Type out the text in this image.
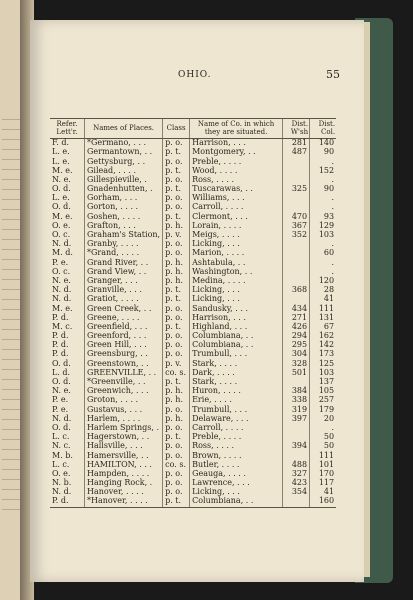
OHIO.	55
Refer. Lett'r.	Names of Places.	Class	Name of Co. in which they are situated.	Dist. W'sh	Dist. Col.
F. d.	*Germano, . . .	p. o.	Harrison, . . .	281	140
L. e.	Germantown, . .	p. t.	Montgomery, . .	487	90
L. e.	Gettysburg, . .	p. o.	Preble, . . . .		.
M. e.	Gilead, . . . .	p. t.	Wood, . . . .		152
N. e.	Gillespieville, .	p. o.	Ross, . . . .		.
O. d.	Gnadenhutten, .	p. t.	Tuscarawas, . .	325	90
L. e.	Gorham, . . .	p. o.	Williams, . . .		.
O. d.	Gorton, . . . .	p. o.	Carroll, . . . .		.
M. e.	Goshen, . . . .	p. t.	Clermont, . . .	470	93
O. e.	Grafton, . . .	p. h.	Lorain, . . . .	367	129
O. c.	Graham's Station,	p. v.	Meigs, . . . .	352	103
N. d.	Granby, . . . .	p. o.	Licking, . . .		.
M. d.	*Grand, . . . .	p. o.	Marion, . . . .		60
P. e.	Grand River, . .	p. h.	Ashtabula, . .		.
O. c.	Grand View, . .	p. h.	Washington, . .		.
N. e.	Granger, . . .	p. h.	Medina, . . . .		120
N. d.	Granville, . . .	p. t.	Licking, . . .	368	28
N. d.	Gratiot, . . . .	p. t.	Licking, . . .		41
M. e.	Green Creek, . .	p. o.	Sandusky, . . .	434	111
P. d.	Greene, . . . .	p. o.	Harrison, . . .	271	131
M. c.	Greenfield, . . .	p. t.	Highland, . . .	426	67
P. d.	Greenford, . . .	p. o.	Columbiana, . .	294	162
P. d.	Green Hill, . . .	p. o.	Columbiana, . .	295	142
P. d.	Greensburg, . .	p. o.	Trumbull, . . .	304	173
O. d.	Greenstown, . .	p. v.	Stark, . . . .	328	125
L. d.	GREENVILLE, . .	co. s.	Dark, . . . .	501	103
O. d.	*Greenville, . .	p. t.	Stark, . . . .		137
N. e.	Greenwich, . . .	p. h.	Huron, . . . .	384	105
P. e.	Groton, . . . .	p. h.	Erie, . . . .	338	257
P. e.	Gustavus, . . .	p. o.	Trumbull, . . .	319	179
N. d.	Harlem, . . . .	p. h.	Delaware, . . .	397	20
O. d.	Harlem Springs, .	p. o.	Carroll, . . . .		.
L. c.	Hagerstown, . .	p. t.	Preble, . . . .		50
N. c.	Hallsville, . . .	p. o.	Ross, . . . .	394	50
M. b.	Hamersville, . .	p. o.	Brown, . . . .		111
L. c.	HAMILTON, . . .	co. s.	Butler, . . . .	488	101
O. e.	Hampden, . . . .	p. o.	Geauga, . . . .	327	170
N. b.	Hanging Rock, .	p. o.	Lawrence, . . .	423	117
N. d.	Hanover, . . . .	p. o.	Licking, . . .	354	41
P. d.	*Hanover, . . . .	p. t.	Columbiana, . .		160
